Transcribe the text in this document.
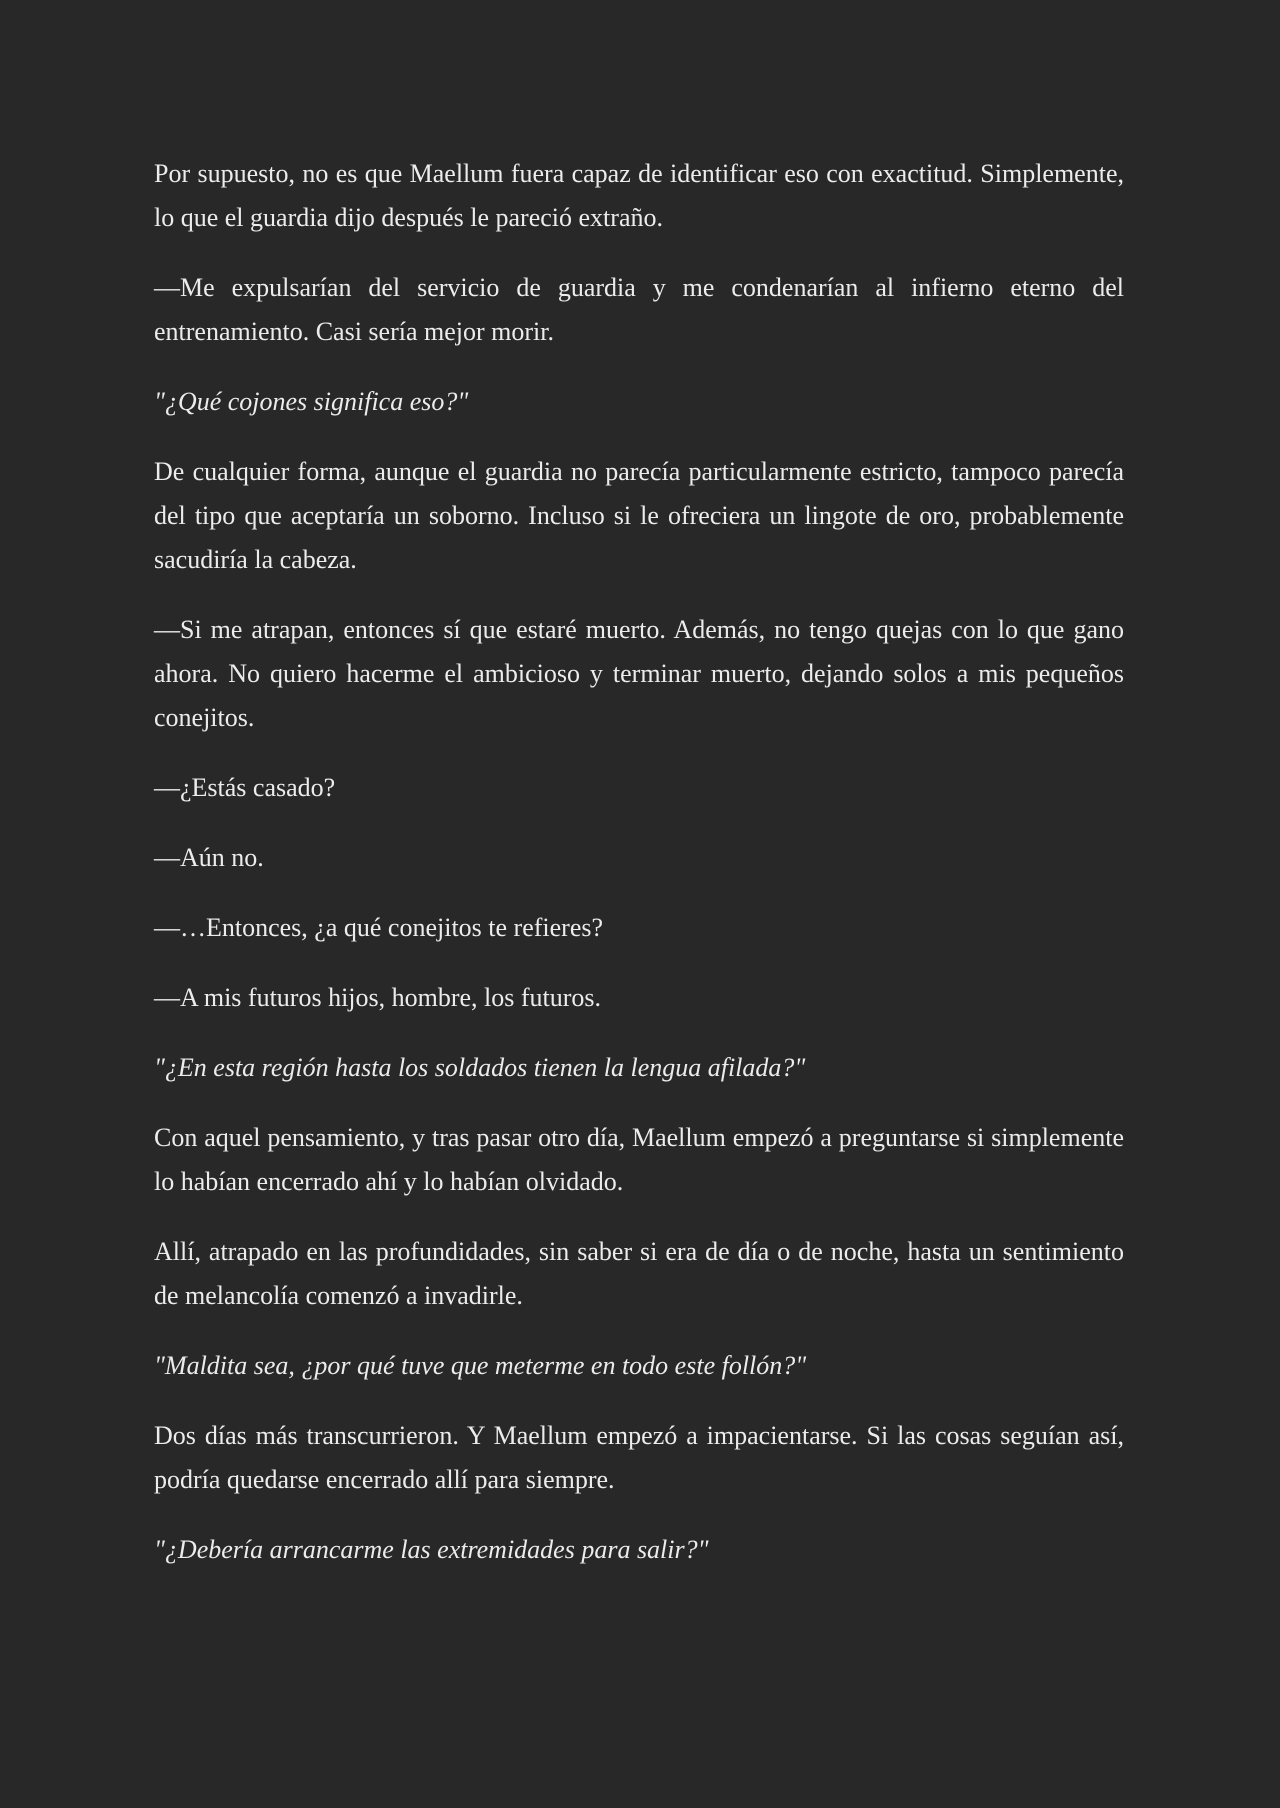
Por supuesto, no es que Maellum fuera capaz de identificar eso con exactitud. Simplemente, lo que el guardia dijo después le pareció extraño.

—Me expulsarían del servicio de guardia y me condenarían al infierno eterno del entrenamiento. Casi sería mejor morir.

"¿Qué cojones significa eso?"

De cualquier forma, aunque el guardia no parecía particularmente estricto, tampoco parecía del tipo que aceptaría un soborno. Incluso si le ofreciera un lingote de oro, probablemente sacudiría la cabeza.

—Si me atrapan, entonces sí que estaré muerto. Además, no tengo quejas con lo que gano ahora. No quiero hacerme el ambicioso y terminar muerto, dejando solos a mis pequeños conejitos.

—¿Estás casado?

—Aún no.

—…Entonces, ¿a qué conejitos te refieres?

—A mis futuros hijos, hombre, los futuros.

"¿En esta región hasta los soldados tienen la lengua afilada?"

Con aquel pensamiento, y tras pasar otro día, Maellum empezó a preguntarse si simplemente lo habían encerrado ahí y lo habían olvidado.

Allí, atrapado en las profundidades, sin saber si era de día o de noche, hasta un sentimiento de melancolía comenzó a invadirle.

"Maldita sea, ¿por qué tuve que meterme en todo este follón?"

Dos días más transcurrieron. Y Maellum empezó a impacientarse. Si las cosas seguían así, podría quedarse encerrado allí para siempre.

"¿Debería arrancarme las extremidades para salir?"
